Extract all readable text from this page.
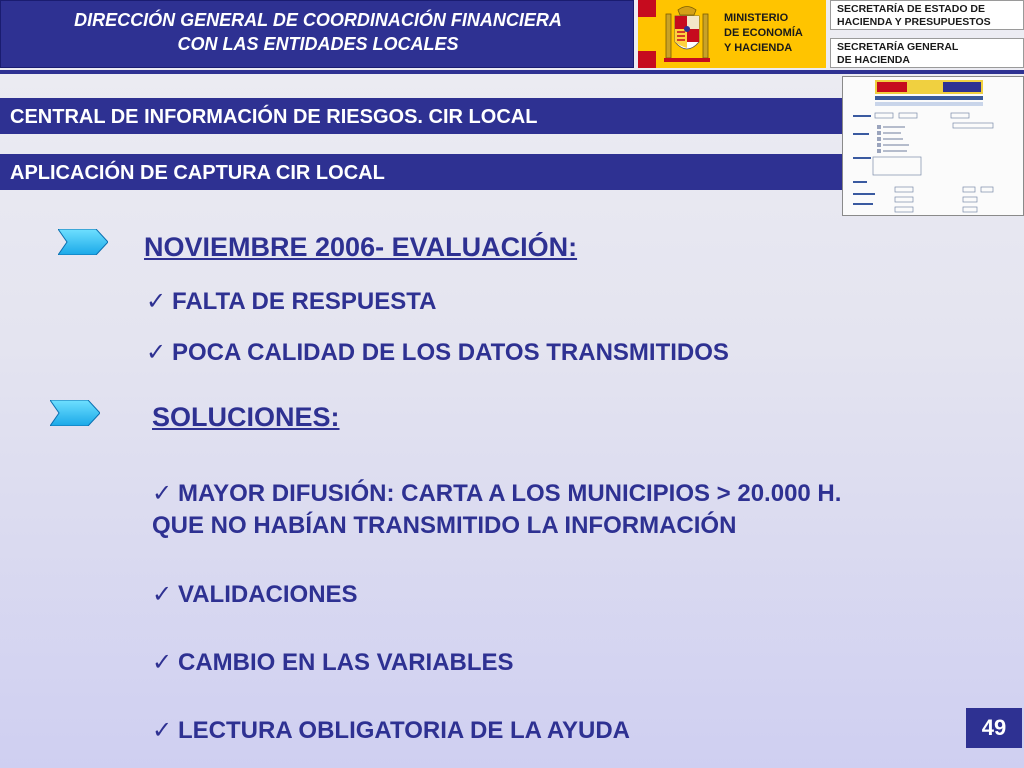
DIRECCIÓN GENERAL DE COORDINACIÓN FINANCIERA
CON LAS ENTIDADES LOCALES
MINISTERIO
DE ECONOMÍA
Y HACIENDA
SECRETARÍA DE ESTADO DE
HACIENDA Y PRESUPUESTOS
SECRETARÍA GENERAL
DE HACIENDA
CENTRAL DE INFORMACIÓN DE RIESGOS. CIR LOCAL
APLICACIÓN DE CAPTURA CIR LOCAL
NOVIEMBRE 2006- EVALUACIÓN:
✓ FALTA DE RESPUESTA
✓ POCA CALIDAD DE LOS DATOS TRANSMITIDOS
SOLUCIONES:
✓ MAYOR DIFUSIÓN: CARTA A LOS MUNICIPIOS > 20.000 H.
QUE NO HABÍAN TRANSMITIDO LA INFORMACIÓN
✓ VALIDACIONES
✓ CAMBIO EN LAS VARIABLES
✓ LECTURA OBLIGATORIA DE LA AYUDA	49
